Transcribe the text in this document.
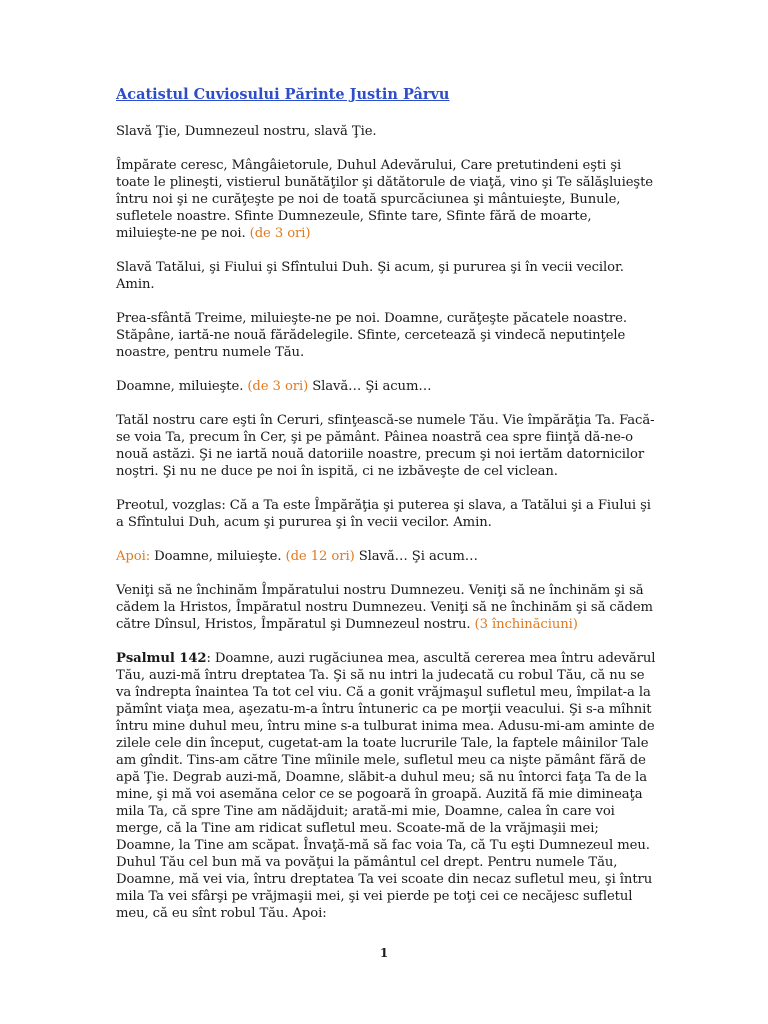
Acatistul Cuviosului Părinte Justin Pârvu

Slavă Ţie, Dumnezeul nostru, slavă Ţie.

Împărate ceresc, Mângâietorule, Duhul Adevărului, Care pretutindeni eşti şi toate le plineşti, vistierul bunătăţilor şi dătătorule de viaţă, vino şi Te sălăşluieşte întru noi şi ne curăţeşte pe noi de toată spurcăciunea şi mântuieşte, Bunule, sufletele noastre. Sfinte Dumnezeule, Sfinte tare, Sfinte fără de moarte, miluieşte-ne pe noi. (de 3 ori)

Slavă Tatălui, şi Fiului şi Sfîntului Duh. Şi acum, şi pururea şi în vecii vecilor. Amin.

Prea-sfântă Treime, miluieşte-ne pe noi. Doamne, curăţeşte păcatele noastre. Stăpâne, iartă-ne nouă fărădelegile. Sfinte, cercetează şi vindecă neputinţele noastre, pentru numele Tău.

Doamne, miluieşte. (de 3 ori) Slavă… Şi acum…

Tatăl nostru care eşti în Ceruri, sfinţească-se numele Tău. Vie împărăţia Ta. Facă-se voia Ta, precum în Cer, şi pe pământ. Pâinea noastră cea spre fiinţă dă-ne-o nouă astăzi. Şi ne iartă nouă datoriile noastre, precum şi noi iertăm datornicilor noştri. Şi nu ne duce pe noi în ispită, ci ne izbăveşte de cel viclean.

Preotul, vozglas: Că a Ta este Împărăţia şi puterea şi slava, a Tatălui şi a Fiului şi a Sfîntului Duh, acum şi pururea şi în vecii vecilor. Amin.

Apoi: Doamne, miluieşte. (de 12 ori) Slavă… Şi acum…

Veniţi să ne închinăm Împăratului nostru Dumnezeu. Veniţi să ne închinăm şi să cădem la Hristos, Împăratul nostru Dumnezeu. Veniţi să ne închinăm şi să cădem către Dînsul, Hristos, Împăratul şi Dumnezeul nostru. (3 închinăciuni)

Psalmul 142: Doamne, auzi rugăciunea mea, ascultă cererea mea întru adevărul Tău, auzi-mă întru dreptatea Ta. Şi să nu intri la judecată cu robul Tău, că nu se va îndrepta înaintea Ta tot cel viu. Că a gonit vrăjmaşul sufletul meu, împilat-a la pămînt viaţa mea, aşezatu-m-a întru întuneric ca pe morţii veacului. Şi s-a mîhnit întru mine duhul meu, întru mine s-a tulburat inima mea. Adusu-mi-am aminte de zilele cele din început, cugetat-am la toate lucrurile Tale, la faptele mâinilor Tale am gîndit. Tins-am către Tine mîinile mele, sufletul meu ca nişte pământ fără de apă Ţie. Degrab auzi-mă, Doamne, slăbit-a duhul meu; să nu întorci faţa Ta de la mine, şi mă voi asemăna celor ce se pogoară în groapă. Auzită fă mie dimineaţa mila Ta, că spre Tine am nădăjduit; arată-mi mie, Doamne, calea în care voi merge, că la Tine am ridicat sufletul meu. Scoate-mă de la vrăjmaşii mei; Doamne, la Tine am scăpat. Învaţă-mă să fac voia Ta, că Tu eşti Dumnezeul meu. Duhul Tău cel bun mă va povăţui la pământul cel drept. Pentru numele Tău, Doamne, mă vei via, întru dreptatea Ta vei scoate din necaz sufletul meu, şi întru mila Ta vei sfârşi pe vrăjmaşii mei, şi vei pierde pe toţi cei ce necăjesc sufletul meu, că eu sînt robul Tău. Apoi:

1
